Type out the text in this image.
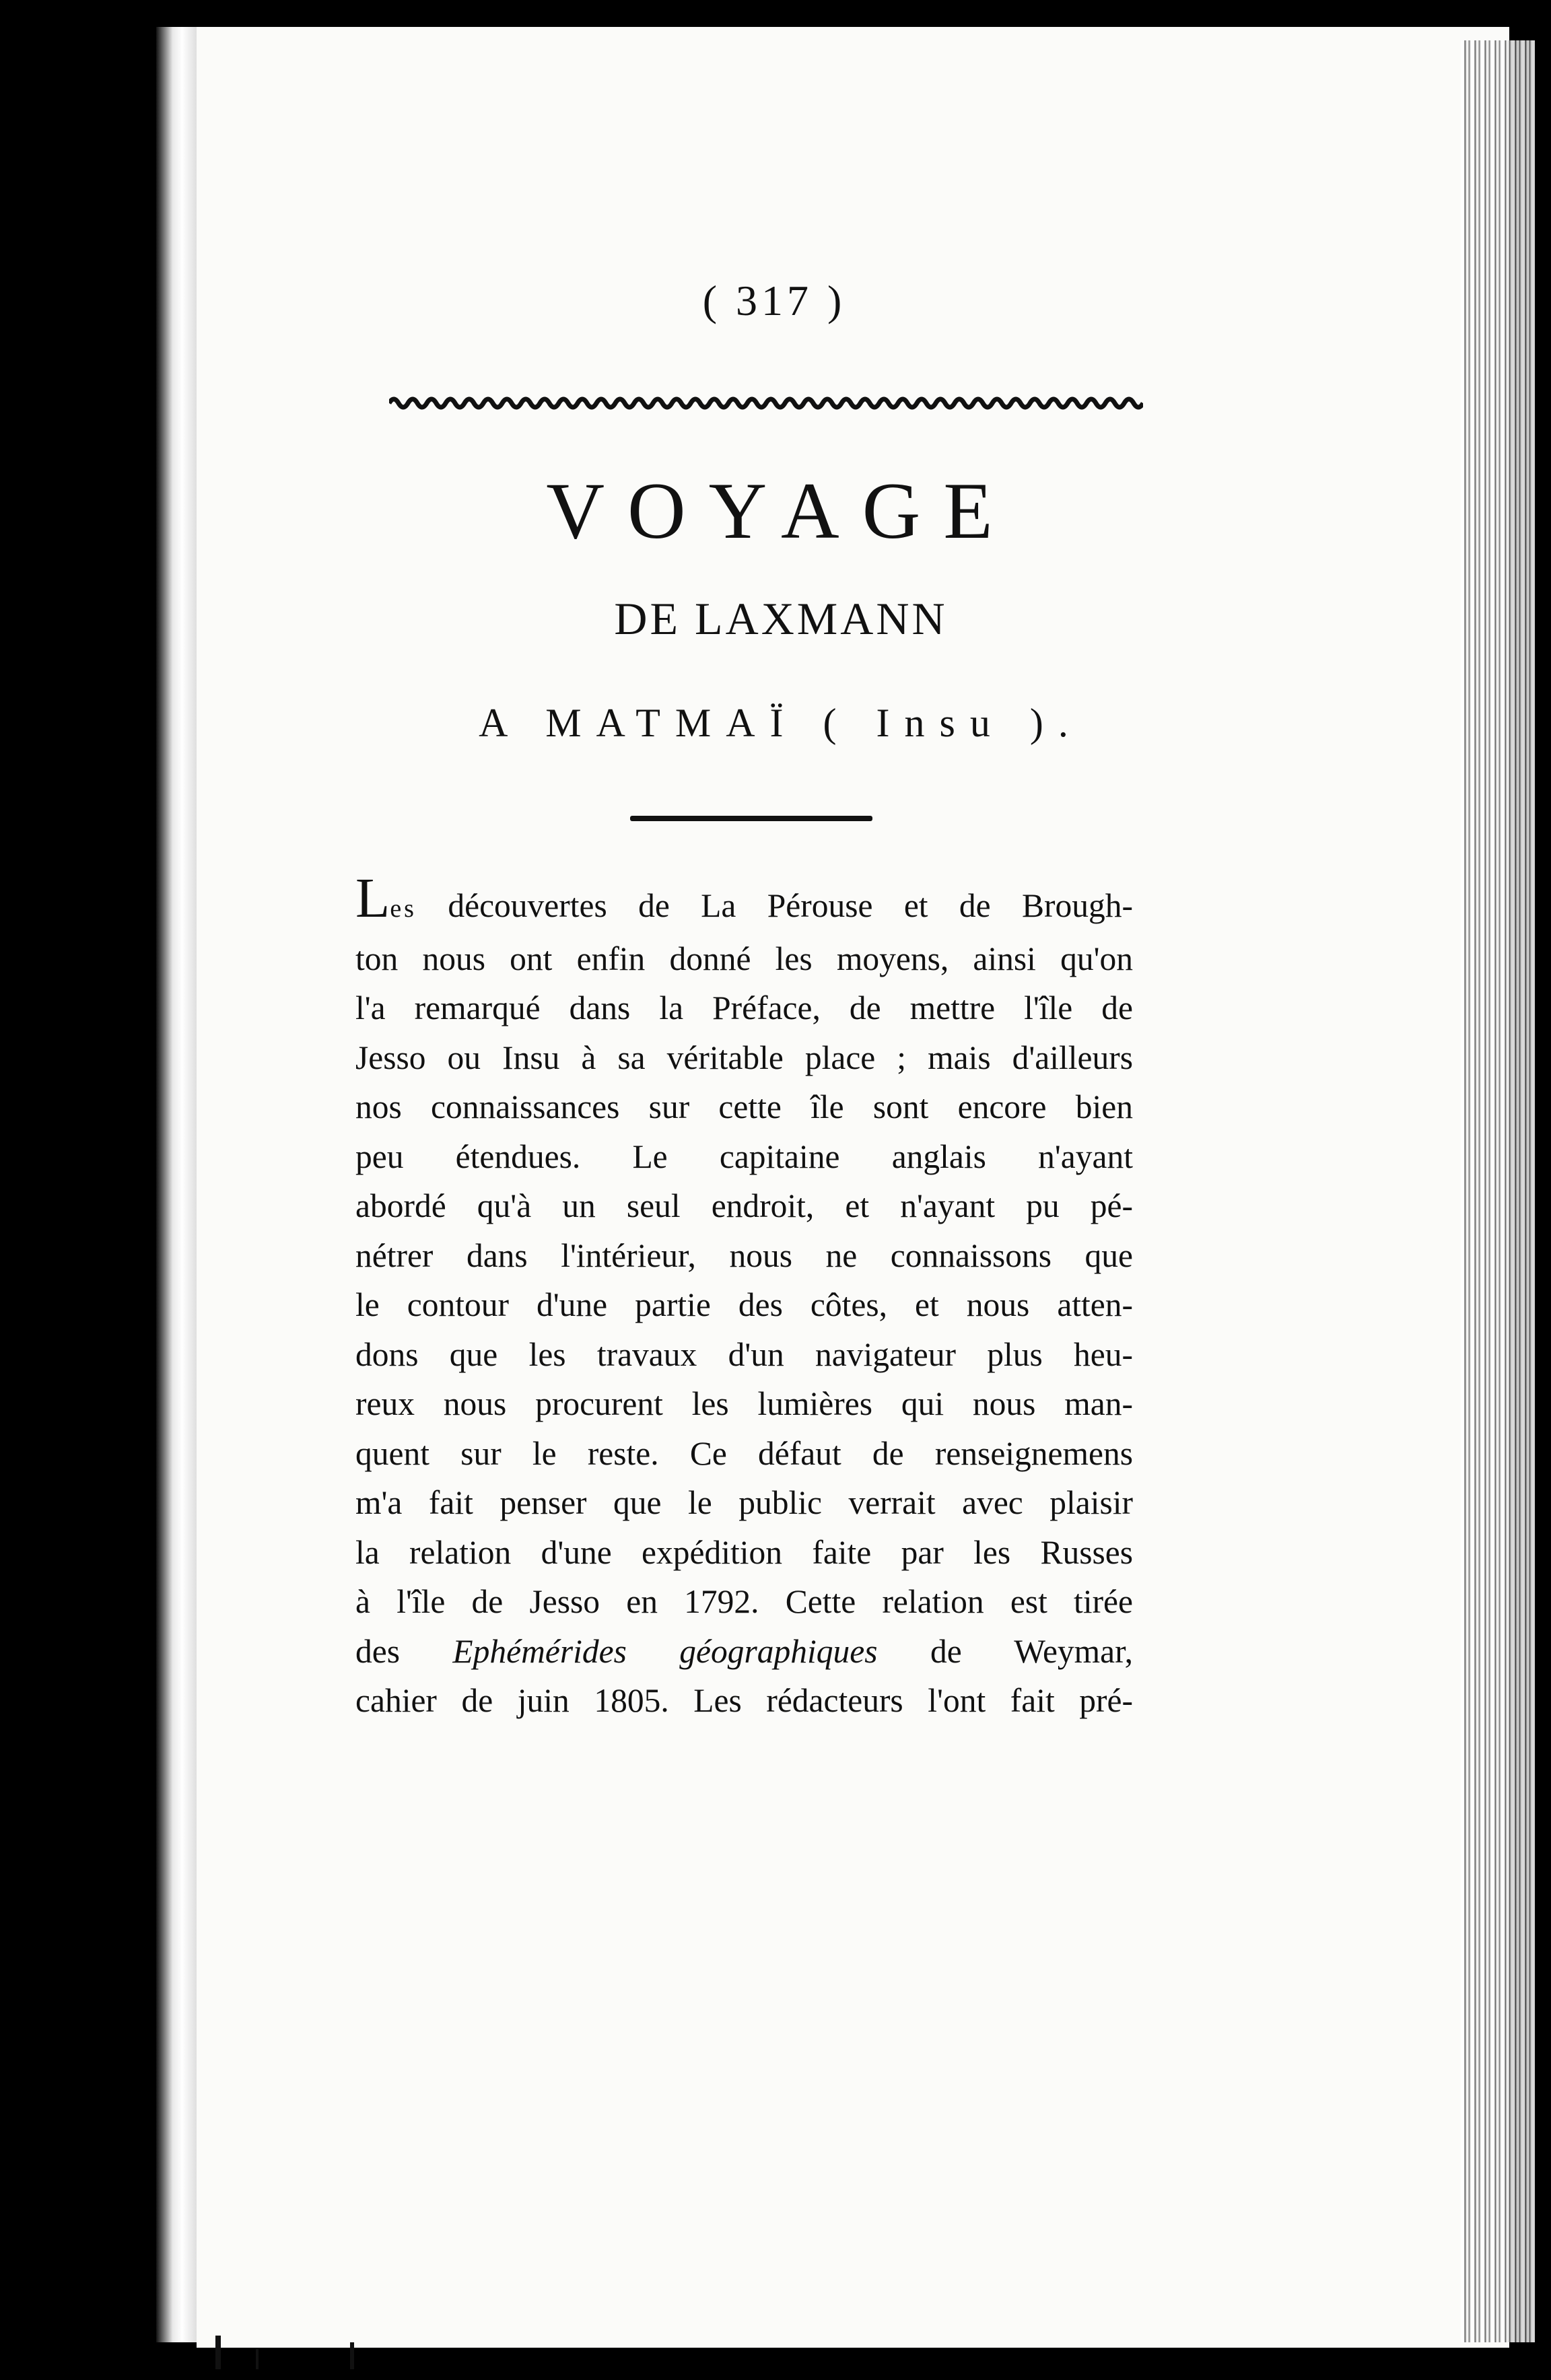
( 317 )
VOYAGE
DE LAXMANN
A MATMAÏ ( Insu ).
Les découvertes de La Pérouse et de Brough-
ton nous ont enfin donné les moyens, ainsi qu'on
l'a remarqué dans la Préface, de mettre l'île de
Jesso ou Insu à sa véritable place ; mais d'ailleurs
nos connaissances sur cette île sont encore bien
peu étendues. Le capitaine anglais n'ayant
abordé qu'à un seul endroit, et n'ayant pu pé-
nétrer dans l'intérieur, nous ne connaissons que
le contour d'une partie des côtes, et nous atten-
dons que les travaux d'un navigateur plus heu-
reux nous procurent les lumières qui nous man-
quent sur le reste. Ce défaut de renseignemens
m'a fait penser que le public verrait avec plaisir
la relation d'une expédition faite par les Russes
à l'île de Jesso en 1792. Cette relation est tirée
des Ephémérides géographiques de Weymar,
cahier de juin 1805. Les rédacteurs l'ont fait pré-
